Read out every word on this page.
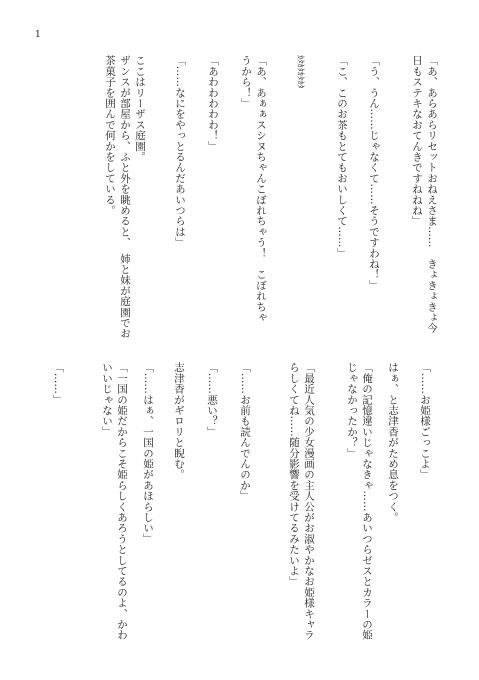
1
「あ、あらあらリセットおねえさま……　きょきょきょ今
日もステキなおてんきですねねね」
「う、うん……じゃなくて……そうですわね！」
「こ、このお茶もとてもおいしくて……」
ｶﾀｶﾀｶﾀｶﾀ
「あ、あぁぁスシヌちゃんこぼれちゃう！　こぼれちゃ
うから！」
「あわわわわわ！」
「……なにをやっとるんだあいつらは」
ここはリーザス庭園。
ザンスが部屋から、ふと外を眺めると、　姉と妹が庭園でお
茶菓子を囲んで何かをしている。
「……お姫様ごっこよ」
はぁ、と志津香がため息をつく。
「俺の記憶違いじゃなきゃ……あいつらゼスとカラーの姫
じゃなかったか？」
「最近人気の少女漫画の主人公がお淑やかなお姫様キャラ
らしくてね……随分影響を受けてるみたいよ」
「……お前も読んでんのか」
「……悪い？」
志津香がギロリと睨む。
「……はぁ、一国の姫があほらしい」
「一国の姫だからこそ姫らしくあろうとしてるのよ、かわ
いいじゃない」
「……」
